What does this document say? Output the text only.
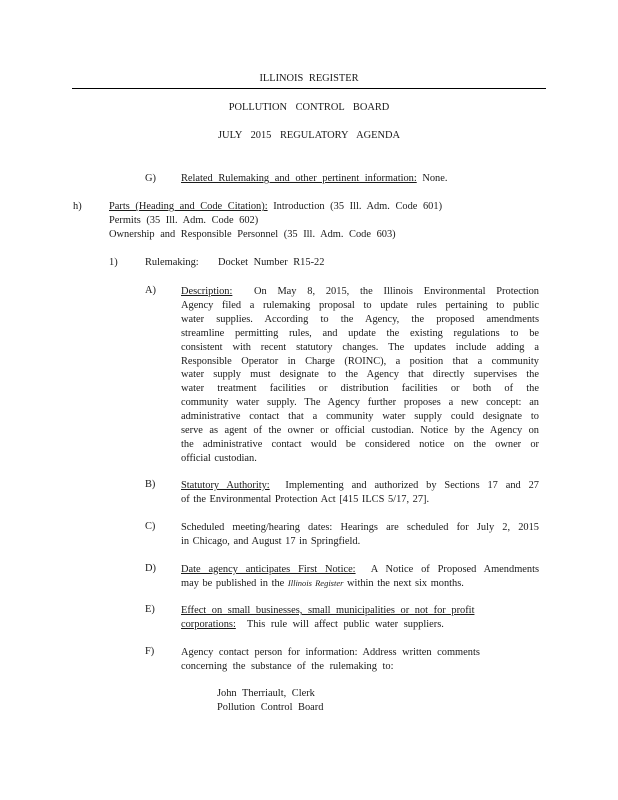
ILLINOIS REGISTER
POLLUTION CONTROL BOARD
JULY 2015 REGULATORY AGENDA
G) Related Rulemaking and other pertinent information: None.
h)	Parts (Heading and Code Citation): Introduction (35 Ill. Adm. Code 601)
Permits (35 Ill. Adm. Code 602)
Ownership and Responsible Personnel (35 Ill. Adm. Code 603)
1)	Rulemaking: Docket Number R15-22
A) Description: On May 8, 2015, the Illinois Environmental Protection
Agency filed a rulemaking proposal to update rules pertaining to public
water supplies. According to the Agency, the proposed amendments
streamline permitting rules, and update the existing regulations to be
consistent with recent statutory changes. The updates include adding a
Responsible Operator in Charge (ROINC), a position that a community
water supply must designate to the Agency that directly supervises the
water treatment facilities or distribution facilities or both of the
community water supply. The Agency further proposes a new concept: an
administrative contact that a community water supply could designate to
serve as agent of the owner or official custodian. Notice by the Agency on
the administrative contact would be considered notice on the owner or
official custodian.
B) Statutory Authority: Implementing and authorized by Sections 17 and 27
of the Environmental Protection Act [415 ILCS 5/17, 27].
C) Scheduled meeting/hearing dates: Hearings are scheduled for July 2, 2015
in Chicago, and August 17 in Springfield.
D) Date agency anticipates First Notice: A Notice of Proposed Amendments
may be published in the Illinois Register within the next six months.
E)	Effect on small businesses, small municipalities or not for profit
corporations: This rule will affect public water suppliers.
F)	Agency contact person for information: Address written comments
concerning the substance of the rulemaking to:
John Therriault, Clerk
Pollution Control Board
